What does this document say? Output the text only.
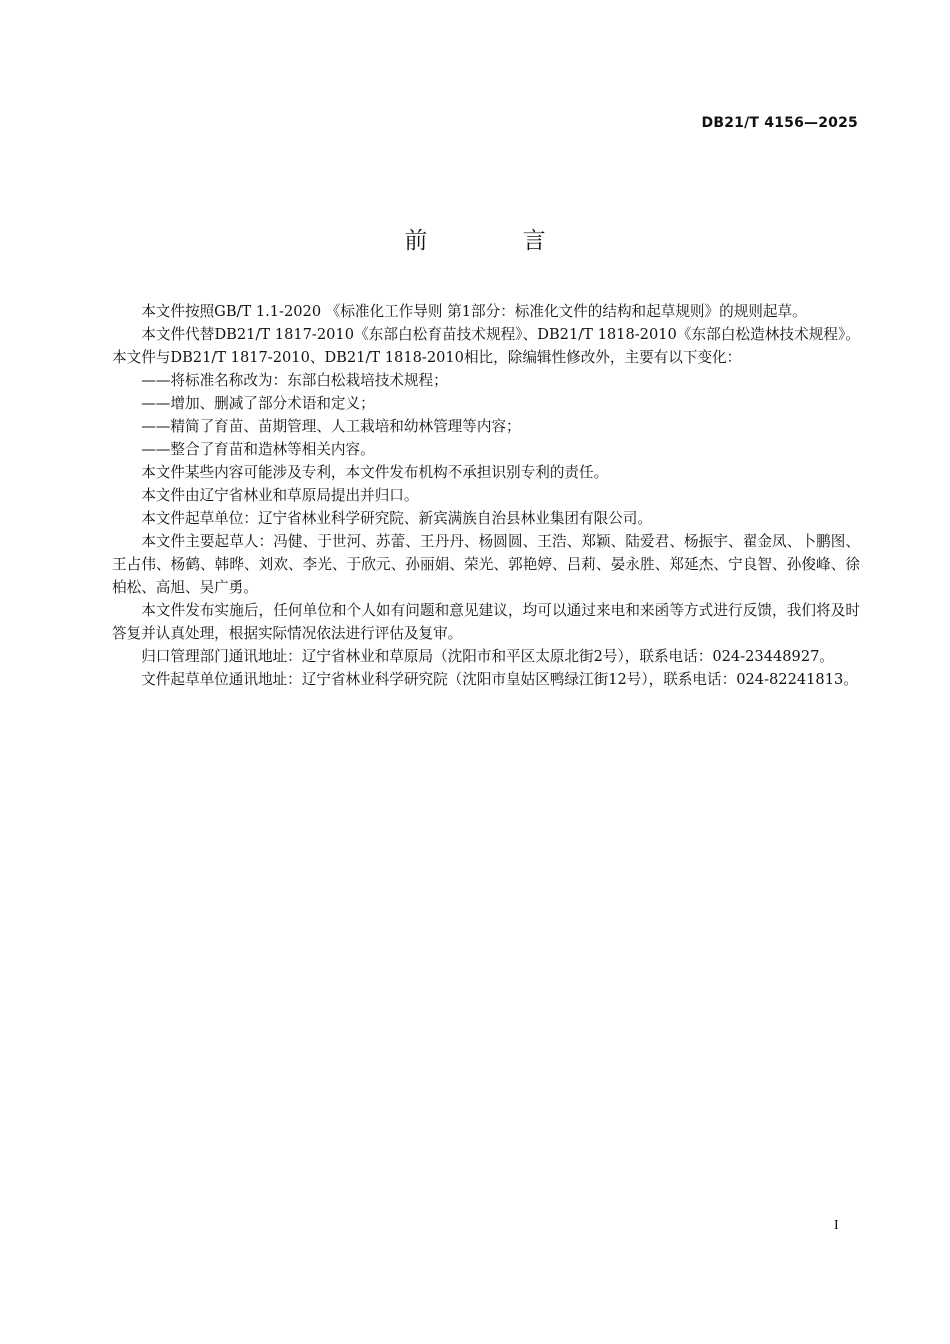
DB21/T 4156—2025
前 言

本文件按照GB/T 1.1-2020 《标准化工作导则 第1部分：标准化文件的结构和起草规则》的规则起草。

本文件代替DB21/T 1817-2010《东部白松育苗技术规程》、DB21/T 1818-2010《东部白松造林技术规程》。本文件与DB21/T 1817-2010、DB21/T 1818-2010相比，除编辑性修改外，主要有以下变化：

——将标准名称改为：东部白松栽培技术规程；

——增加、删减了部分术语和定义；

——精简了育苗、苗期管理、人工栽培和幼林管理等内容；

——整合了育苗和造林等相关内容。

本文件某些内容可能涉及专利，本文件发布机构不承担识别专利的责任。

本文件由辽宁省林业和草原局提出并归口。

本文件起草单位：辽宁省林业科学研究院、新宾满族自治县林业集团有限公司。

本文件主要起草人：冯健、于世河、苏蕾、王丹丹、杨圆圆、王浩、郑颖、陆爱君、杨振宇、翟金凤、卜鹏图、王占伟、杨鹤、韩晔、刘欢、李光、于欣元、孙丽娟、荣光、郭艳婷、吕莉、晏永胜、郑延杰、宁良智、孙俊峰、徐柏松、高旭、吴广勇。

本文件发布实施后，任何单位和个人如有问题和意见建议，均可以通过来电和来函等方式进行反馈，我们将及时答复并认真处理，根据实际情况依法进行评估及复审。

归口管理部门通讯地址：辽宁省林业和草原局（沈阳市和平区太原北街2号），联系电话：024-23448927。

文件起草单位通讯地址：辽宁省林业科学研究院（沈阳市皇姑区鸭绿江街12号），联系电话：024-82241813。

I
